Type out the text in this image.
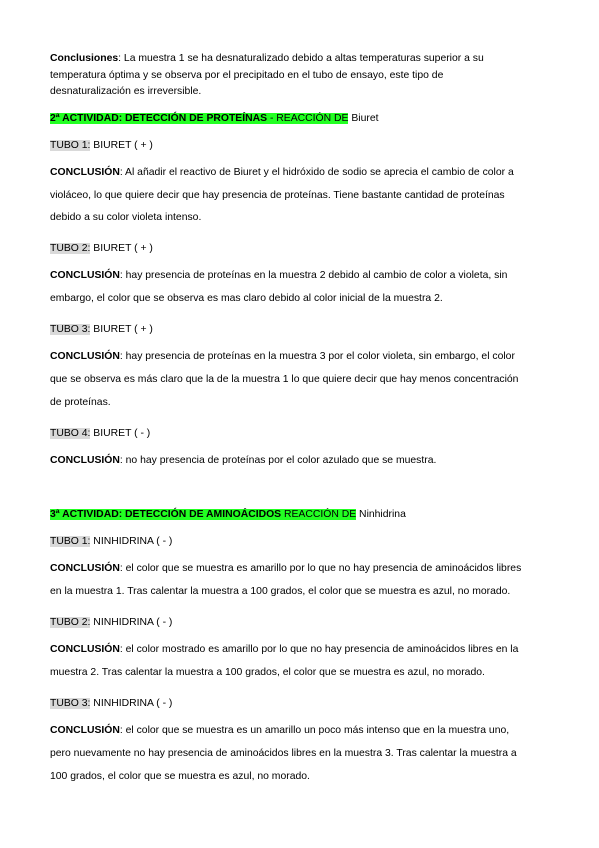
Conclusiones: La muestra 1 se ha desnaturalizado debido a altas temperaturas superior a su
temperatura óptima y se observa por el precipitado en el tubo de ensayo, este tipo de
desnaturalización es irreversible.
2ª ACTIVIDAD: DETECCIÓN DE PROTEÍNAS - REACCIÓN DE Biuret
TUBO 1: BIURET ( + )
CONCLUSIÓN: Al añadir el reactivo de Biuret y el hidróxido de sodio se aprecia el cambio de color a
violáceo, lo que quiere decir que hay presencia de proteínas. Tiene bastante cantidad de proteínas
debido a su color violeta intenso.
TUBO 2: BIURET ( + )
CONCLUSIÓN: hay presencia de proteínas en la muestra 2 debido al cambio de color a violeta, sin
embargo, el color que se observa es mas claro debido al color inicial de la muestra 2.
TUBO 3: BIURET ( + )
CONCLUSIÓN: hay presencia de proteínas en la muestra 3 por el color violeta, sin embargo, el color
que se observa es más claro que la de la muestra 1 lo que quiere decir que hay menos concentración
de proteínas.
TUBO 4: BIURET ( - )
CONCLUSIÓN: no hay presencia de proteínas por el color azulado que se muestra.
3ª ACTIVIDAD: DETECCIÓN DE AMINOÁCIDOS REACCIÓN DE Ninhidrina
TUBO 1: NINHIDRINA ( - )
CONCLUSIÓN: el color que se muestra es amarillo por lo que no hay presencia de aminoácidos libres
en la muestra 1. Tras calentar la muestra a 100 grados, el color que se muestra es azul, no morado.
TUBO 2: NINHIDRINA ( - )
CONCLUSIÓN: el color mostrado es amarillo por lo que no hay presencia de aminoácidos libres en la
muestra 2. Tras calentar la muestra a 100 grados, el color que se muestra es azul, no morado.
TUBO 3: NINHIDRINA ( - )
CONCLUSIÓN: el color que se muestra es un amarillo un poco más intenso que en la muestra uno,
pero nuevamente no hay presencia de aminoácidos libres en la muestra 3. Tras calentar la muestra a
100 grados, el color que se muestra es azul, no morado.
